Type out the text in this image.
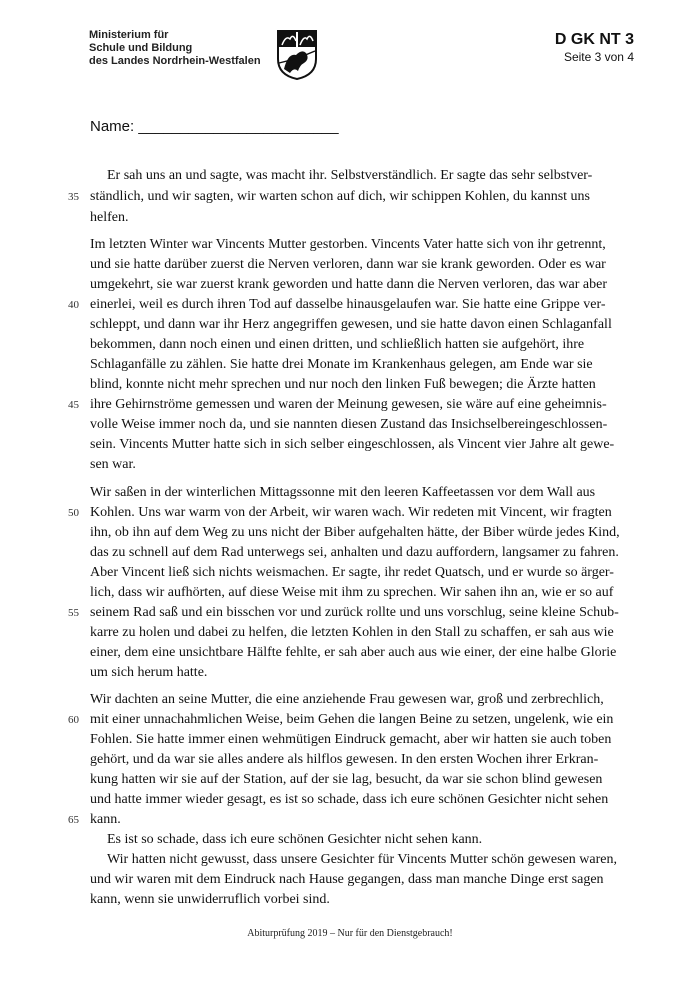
Ministerium für
Schule und Bildung
des Landes Nordrhein-Westfalen
D GK NT 3
Seite 3 von 4
Name: ________________________
Er sah uns an und sagte, was macht ihr. Selbstverständlich. Er sagte das sehr selbstver-
ständlich, und wir sagten, wir warten schon auf dich, wir schippen Kohlen, du kannst uns
helfen.
Im letzten Winter war Vincents Mutter gestorben. Vincents Vater hatte sich von ihr getrennt,
und sie hatte darüber zuerst die Nerven verloren, dann war sie krank geworden. Oder es war
umgekehrt, sie war zuerst krank geworden und hatte dann die Nerven verloren, das war aber
einerlei, weil es durch ihren Tod auf dasselbe hinausgelaufen war. Sie hatte eine Grippe ver-
schleppt, und dann war ihr Herz angegriffen gewesen, und sie hatte davon einen Schlaganfall
bekommen, dann noch einen und einen dritten, und schließlich hatten sie aufgehört, ihre
Schlaganfälle zu zählen. Sie hatte drei Monate im Krankenhaus gelegen, am Ende war sie
blind, konnte nicht mehr sprechen und nur noch den linken Fuß bewegen; die Ärzte hatten
ihre Gehirnströme gemessen und waren der Meinung gewesen, sie wäre auf eine geheimnis-
volle Weise immer noch da, und sie nannten diesen Zustand das Insichselbereingeschlossen-
sein. Vincents Mutter hatte sich in sich selber eingeschlossen, als Vincent vier Jahre alt gewe-
sen war.
Wir saßen in der winterlichen Mittagssonne mit den leeren Kaffeetassen vor dem Wall aus
Kohlen. Uns war warm von der Arbeit, wir waren wach. Wir redeten mit Vincent, wir fragten
ihn, ob ihn auf dem Weg zu uns nicht der Biber aufgehalten hätte, der Biber würde jedes Kind,
das zu schnell auf dem Rad unterwegs sei, anhalten und dazu auffordern, langsamer zu fahren.
Aber Vincent ließ sich nichts weismachen. Er sagte, ihr redet Quatsch, und er wurde so ärger-
lich, dass wir aufhörten, auf diese Weise mit ihm zu sprechen. Wir sahen ihn an, wie er so auf
seinem Rad saß und ein bisschen vor und zurück rollte und uns vorschlug, seine kleine Schub-
karre zu holen und dabei zu helfen, die letzten Kohlen in den Stall zu schaffen, er sah aus wie
einer, dem eine unsichtbare Hälfte fehlte, er sah aber auch aus wie einer, der eine halbe Glorie
um sich herum hatte.
Wir dachten an seine Mutter, die eine anziehende Frau gewesen war, groß und zerbrechlich,
mit einer unnachahmlichen Weise, beim Gehen die langen Beine zu setzen, ungelenk, wie ein
Fohlen. Sie hatte immer einen wehmütigen Eindruck gemacht, aber wir hatten sie auch toben
gehört, und da war sie alles andere als hilflos gewesen. In den ersten Wochen ihrer Erkran-
kung hatten wir sie auf der Station, auf der sie lag, besucht, da war sie schon blind gewesen
und hatte immer wieder gesagt, es ist so schade, dass ich eure schönen Gesichter nicht sehen
kann.
Es ist so schade, dass ich eure schönen Gesichter nicht sehen kann.
Wir hatten nicht gewusst, dass unsere Gesichter für Vincents Mutter schön gewesen waren,
und wir waren mit dem Eindruck nach Hause gegangen, dass man manche Dinge erst sagen
kann, wenn sie unwiderruflich vorbei sind.
35
40
45
50
55
60
65
Abiturprüfung 2019 – Nur für den Dienstgebrauch!
